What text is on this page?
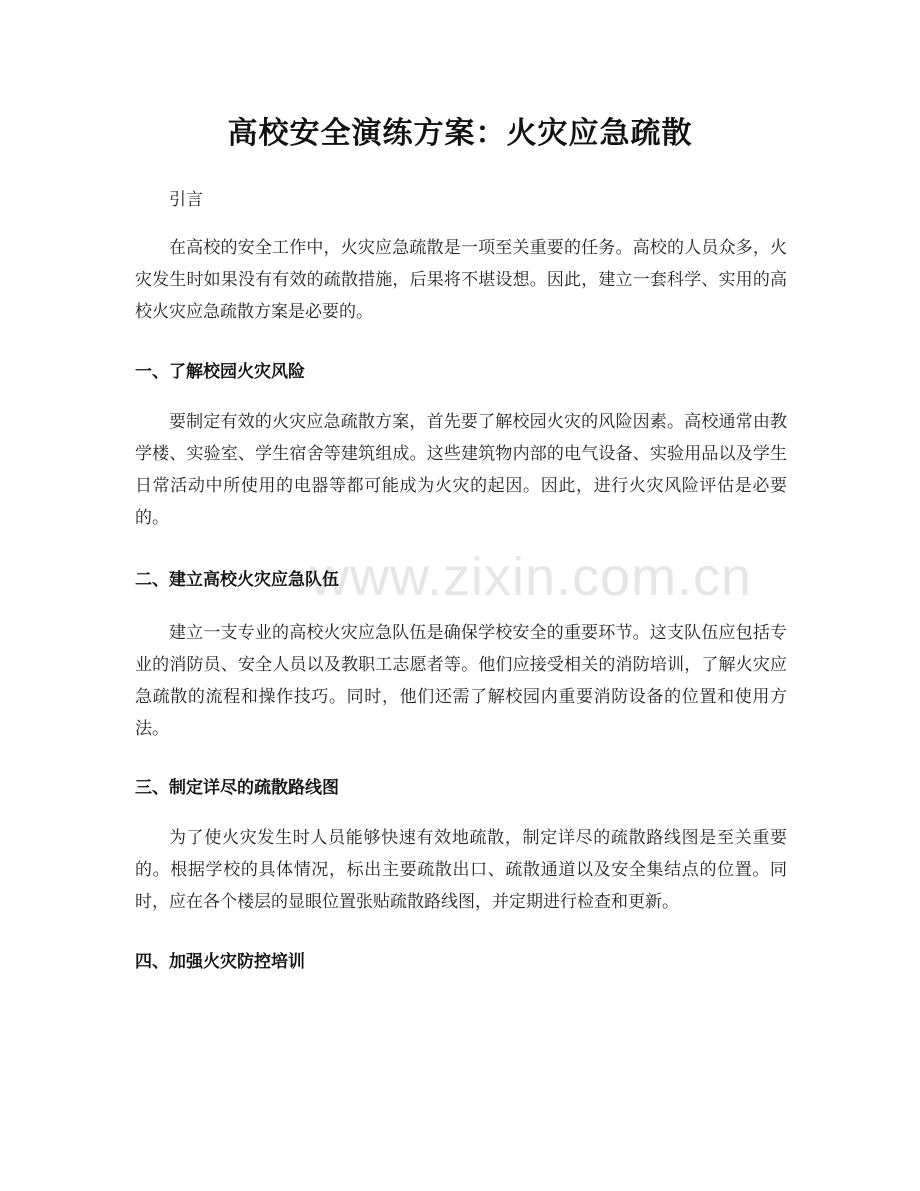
www.zixin.com.cn
高校安全演练方案：火灾应急疏散

引言

在高校的安全工作中，火灾应急疏散是一项至关重要的任务。高校的人员众多，火灾发生时如果没有有效的疏散措施，后果将不堪设想。因此，建立一套科学、实用的高校火灾应急疏散方案是必要的。

一、了解校园火灾风险

要制定有效的火灾应急疏散方案，首先要了解校园火灾的风险因素。高校通常由教学楼、实验室、学生宿舍等建筑组成。这些建筑物内部的电气设备、实验用品以及学生日常活动中所使用的电器等都可能成为火灾的起因。因此，进行火灾风险评估是必要的。

二、建立高校火灾应急队伍

建立一支专业的高校火灾应急队伍是确保学校安全的重要环节。这支队伍应包括专业的消防员、安全人员以及教职工志愿者等。他们应接受相关的消防培训，了解火灾应急疏散的流程和操作技巧。同时，他们还需了解校园内重要消防设备的位置和使用方法。

三、制定详尽的疏散路线图

为了使火灾发生时人员能够快速有效地疏散，制定详尽的疏散路线图是至关重要的。根据学校的具体情况，标出主要疏散出口、疏散通道以及安全集结点的位置。同时，应在各个楼层的显眼位置张贴疏散路线图，并定期进行检查和更新。

四、加强火灾防控培训
